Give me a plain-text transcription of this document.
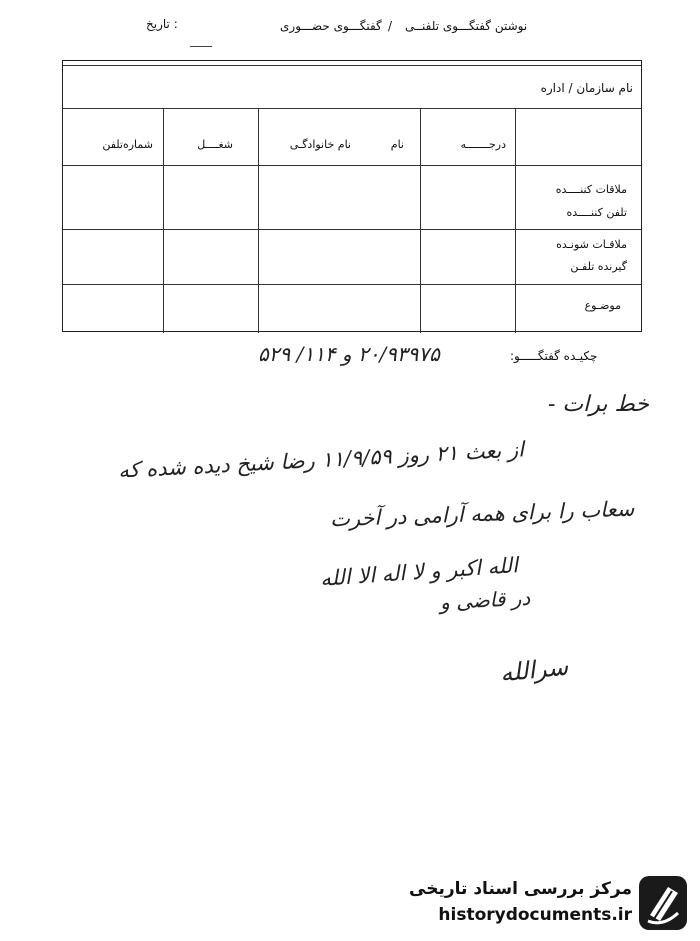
تاریخ :	گفتگـــوی حضـــوری / نوشتن گفتگـــوی تلفنــی
نام سازمان / اداره
درجـــــــه
نام
نام خانوادگـی
شغــــل
شماره‌تلفن
ملاقات کننــــده
تلفن کننــــده
ملاقـات شونـده
گیرنده تلفـن
موضـوع
چکیـده گفتگـــــو:
۲۰/۹۳۹۷۵ و ۱۱۴/ ۵۲۹
خط برات -
از بعث ۲۱ روز ۱۱/۹/۵۹ رضا شیخ دیده شده که
سعاب را برای همه آرامی در آخرت
الله اکبر و لا اله الا الله
در قاضی و
سرالله
مرکز بررسی اسناد تاریخی
historydocuments.ir
